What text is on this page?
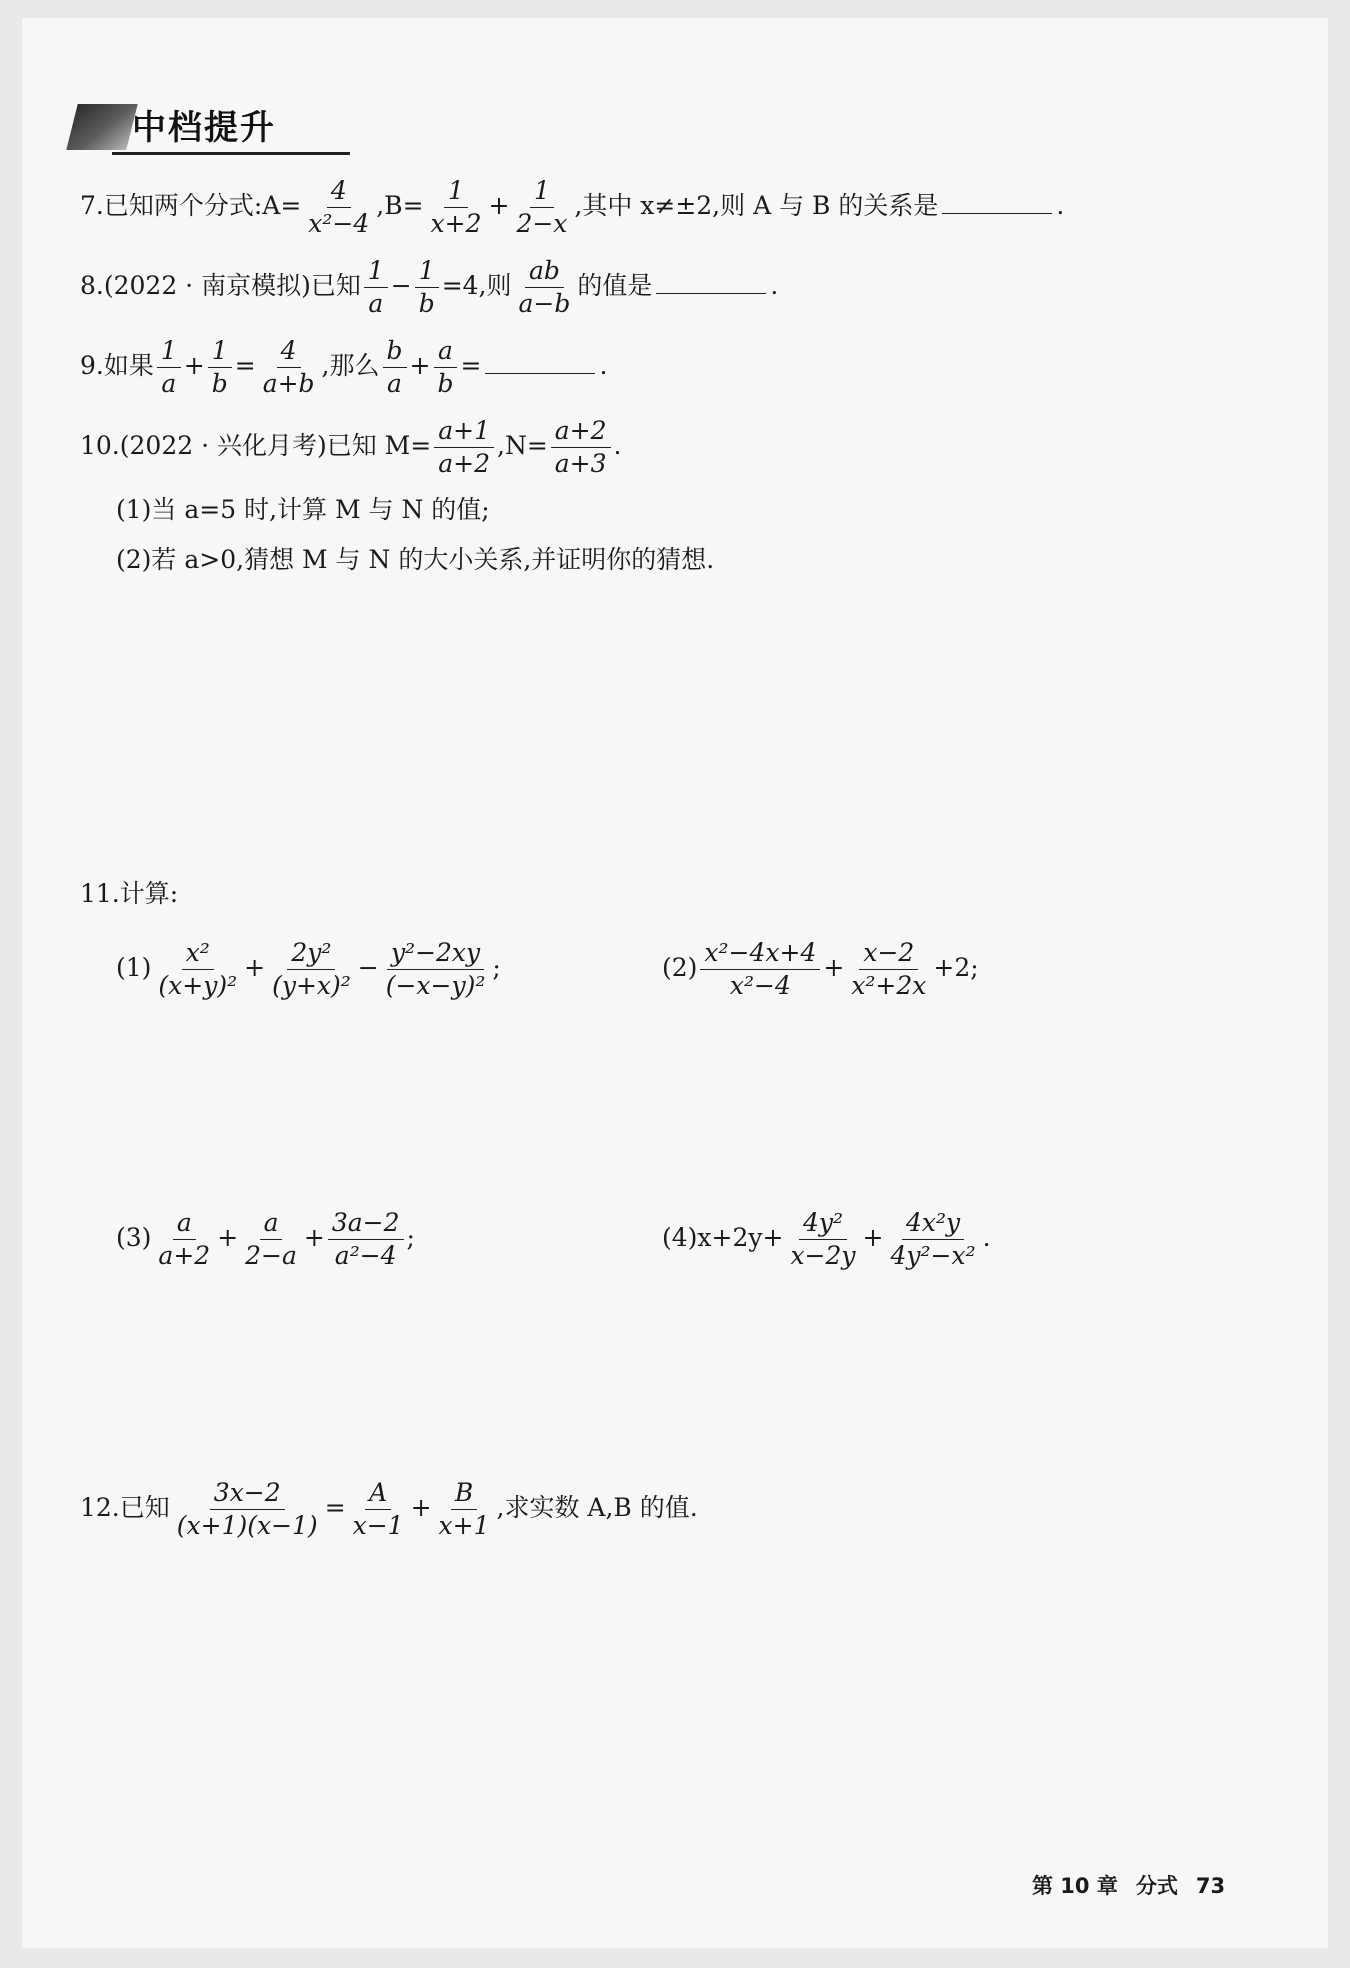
中档提升
7.已知两个分式:A= $\frac{4}{\text{x²−4}} ,B= \frac{1}{x+2} + \frac{1}{2-x}$ ,其中 x≠±2,则 A 与 B 的关系是	.
8.(2022 · 南京模拟)已知 $\frac{1}{a} - \frac{1}{b} =4$,则 $\frac{ab}{a-b}$ 的值是	.
9.如果 $\frac{1}{a} + \frac{1}{b} = \frac{4}{a+b}$ ,那么 $\frac{b}{a} + \frac{a}{b}$ =	.
10.(2022 · 兴化月考)已知 $M= \frac{a+1}{a+2} ,N= \frac{a+2}{a+3}$ .
(1)当 a=5 时,计算 M 与 N 的值;
(2)若 a>0,猜想 M 与 N 的大小关系,并证明你的猜想.
11.计算:
$(1) \frac{\text{x²}}{\text{(x+y)²}} + \frac{\text{2y²}}{\text{(y+x)²}} - \frac{\text{y²−2xy}}{\text{(−x−y)²}}$ ;	$(2) \frac{\text{x²−4x+4}}{\text{x²−4}} + \frac{x-2}{\text{x²+2x}} +2$;
$(3) \frac{a}{a+2} + \frac{a}{2-a} + \frac{3a-2}{\text{a²−4}}$ ;	$(4)x+2y+ \frac{\text{4y²}}{x-2y} + \frac{\text{4x²y}}{\text{4y²−x²}}$ .
12.已知 $\frac{3x-2}{(x+1)(x-1)} = \frac{A}{x-1} + \frac{B}{x+1}$ ,求实数 A,B 的值.
第 10 章 分式 73
